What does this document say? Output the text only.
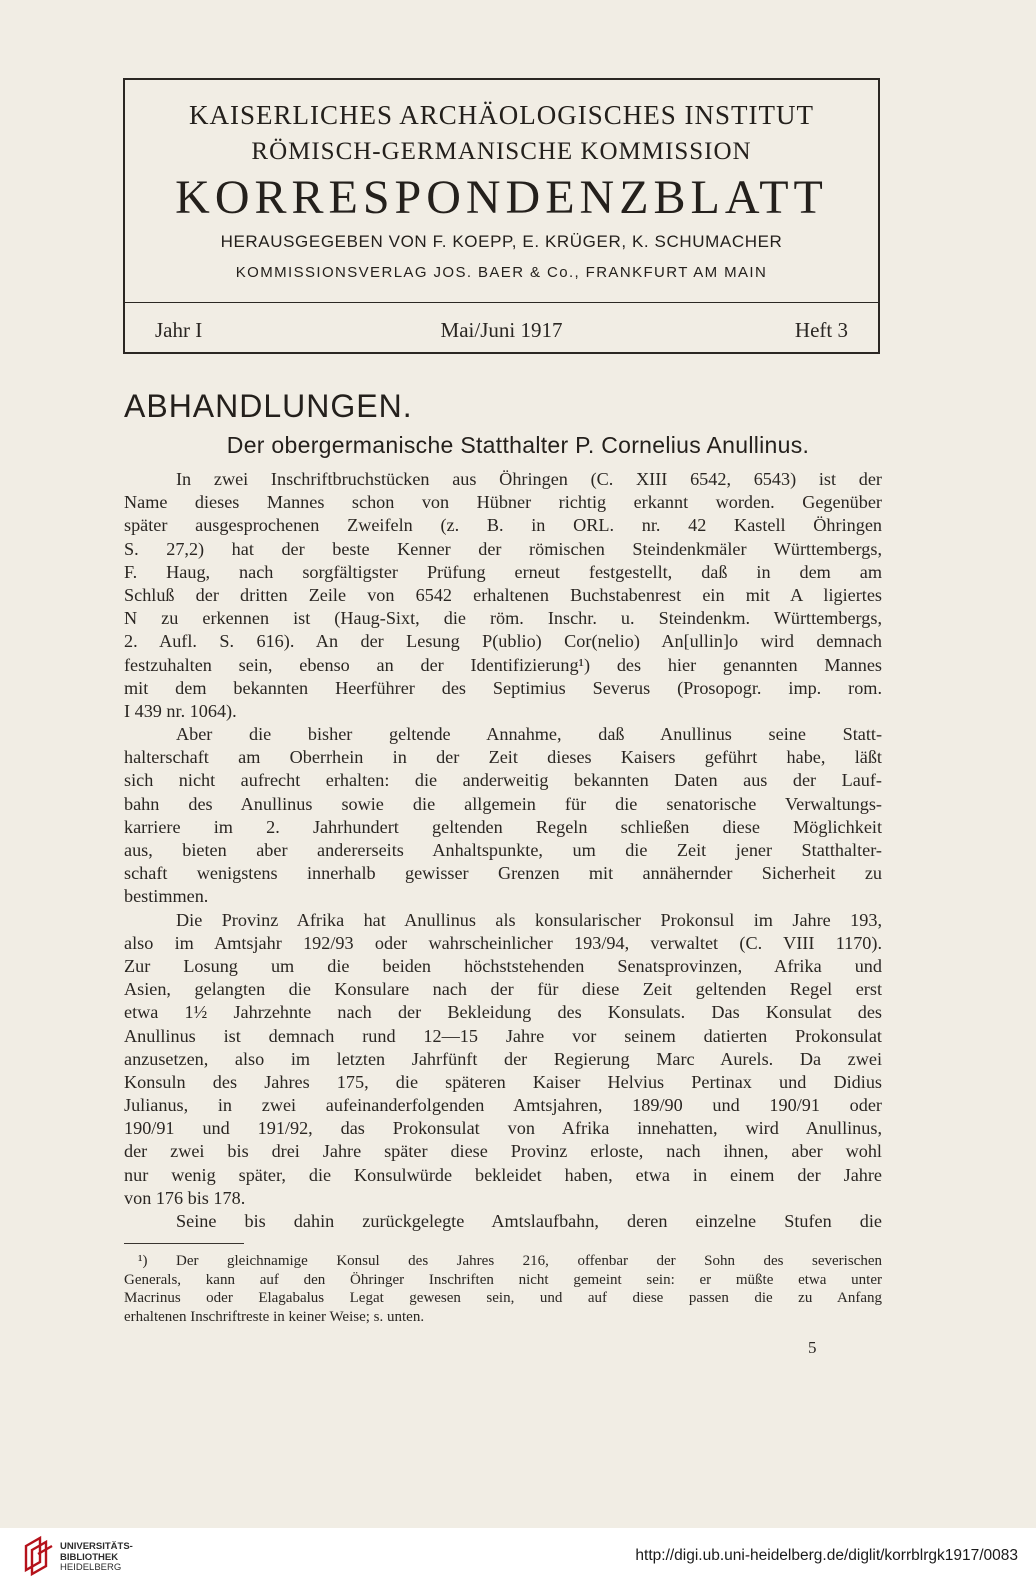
KAISERLICHES ARCHÄOLOGISCHES INSTITUT
RÖMISCH-GERMANISCHE KOMMISSION
KORRESPONDENZBLATT
HERAUSGEGEBEN VON F. KOEPP, E. KRÜGER, K. SCHUMACHER
KOMMISSIONSVERLAG JOS. BAER & Co., FRANKFURT AM MAIN
Jahr I	Mai/Juni 1917	Heft 3
ABHANDLUNGEN.
Der obergermanische Statthalter P. Cornelius Anullinus.
In zwei Inschriftbruchstücken aus Öhringen (C. XIII 6542, 6543) ist der
Name dieses Mannes schon von Hübner richtig erkannt worden. Gegenüber
später ausgesprochenen Zweifeln (z. B. in ORL. nr. 42 Kastell Öhringen
S. 27,2) hat der beste Kenner der römischen Steindenkmäler Württembergs,
F. Haug, nach sorgfältigster Prüfung erneut festgestellt, daß in dem am
Schluß der dritten Zeile von 6542 erhaltenen Buchstabenrest ein mit A ligiertes
N zu erkennen ist (Haug-Sixt, die röm. Inschr. u. Steindenkm. Württembergs,
2. Aufl. S. 616). An der Lesung P(ublio) Cor(nelio) An[ullin]o wird demnach
festzuhalten sein, ebenso an der Identifizierung¹) des hier genannten Mannes
mit dem bekannten Heerführer des Septimius Severus (Prosopogr. imp. rom.
I 439 nr. 1064).
Aber die bisher geltende Annahme, daß Anullinus seine Statt-
halterschaft am Oberrhein in der Zeit dieses Kaisers geführt habe, läßt
sich nicht aufrecht erhalten: die anderweitig bekannten Daten aus der Lauf-
bahn des Anullinus sowie die allgemein für die senatorische Verwaltungs-
karriere im 2. Jahrhundert geltenden Regeln schließen diese Möglichkeit
aus, bieten aber andererseits Anhaltspunkte, um die Zeit jener Statthalter-
schaft wenigstens innerhalb gewisser Grenzen mit annähernder Sicherheit zu
bestimmen.
Die Provinz Afrika hat Anullinus als konsularischer Prokonsul im Jahre 193,
also im Amtsjahr 192/93 oder wahrscheinlicher 193/94, verwaltet (C. VIII 1170).
Zur Losung um die beiden höchststehenden Senatsprovinzen, Afrika und
Asien, gelangten die Konsulare nach der für diese Zeit geltenden Regel erst
etwa 1½ Jahrzehnte nach der Bekleidung des Konsulats. Das Konsulat des
Anullinus ist demnach rund 12—15 Jahre vor seinem datierten Prokonsulat
anzusetzen, also im letzten Jahrfünft der Regierung Marc Aurels. Da zwei
Konsuln des Jahres 175, die späteren Kaiser Helvius Pertinax und Didius
Julianus, in zwei aufeinanderfolgenden Amtsjahren, 189/90 und 190/91 oder
190/91 und 191/92, das Prokonsulat von Afrika innehatten, wird Anullinus,
der zwei bis drei Jahre später diese Provinz erloste, nach ihnen, aber wohl
nur wenig später, die Konsulwürde bekleidet haben, etwa in einem der Jahre
von 176 bis 178.
Seine bis dahin zurückgelegte Amtslaufbahn, deren einzelne Stufen die
¹) Der gleichnamige Konsul des Jahres 216, offenbar der Sohn des severischen
Generals, kann auf den Öhringer Inschriften nicht gemeint sein: er müßte etwa unter
Macrinus oder Elagabalus Legat gewesen sein, und auf diese passen die zu Anfang
erhaltenen Inschriftreste in keiner Weise; s. unten.
5
UNIVERSITÄTS-
BIBLIOTHEK
HEIDELBERG
http://digi.ub.uni-heidelberg.de/diglit/korrblrgk1917/0083
